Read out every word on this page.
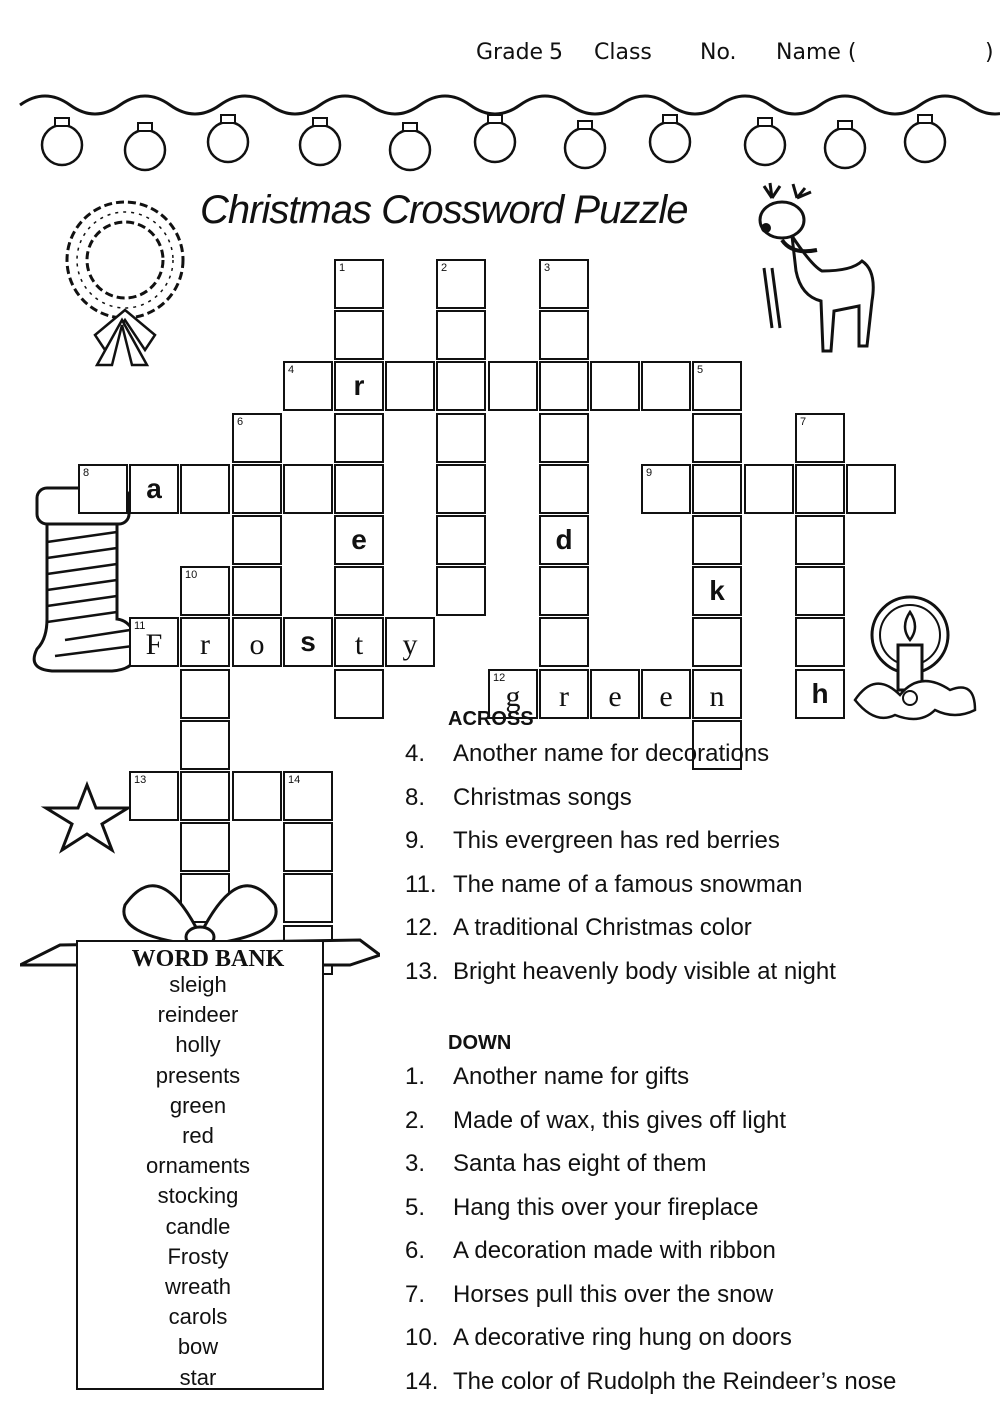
Grade 5 Class No. Name (	)
Christmas Crossword Puzzle
1	2	3
4	r	5
6	7
8	a	9
e	d
10	k
11
F	r	o	s	t	y
12
g	r	e	e	n	h
13	14
ACROSS
4. Another name for decorations
8. Christmas songs
9. This evergreen has red berries
11. The name of a famous snowman
12. A traditional Christmas color
13. Bright heavenly body visible at night
DOWN
1. Another name for gifts
2. Made of wax, this gives off light
3. Santa has eight of them
5. Hang this over your fireplace
6. A decoration made with ribbon
7. Horses pull this over the snow
10. A decorative ring hung on doors
14. The color of Rudolph the Reindeer’s nose
WORD BANK
sleigh
reindeer
holly
presents
green
red
ornaments
stocking
candle
Frosty
wreath
carols
bow
star
